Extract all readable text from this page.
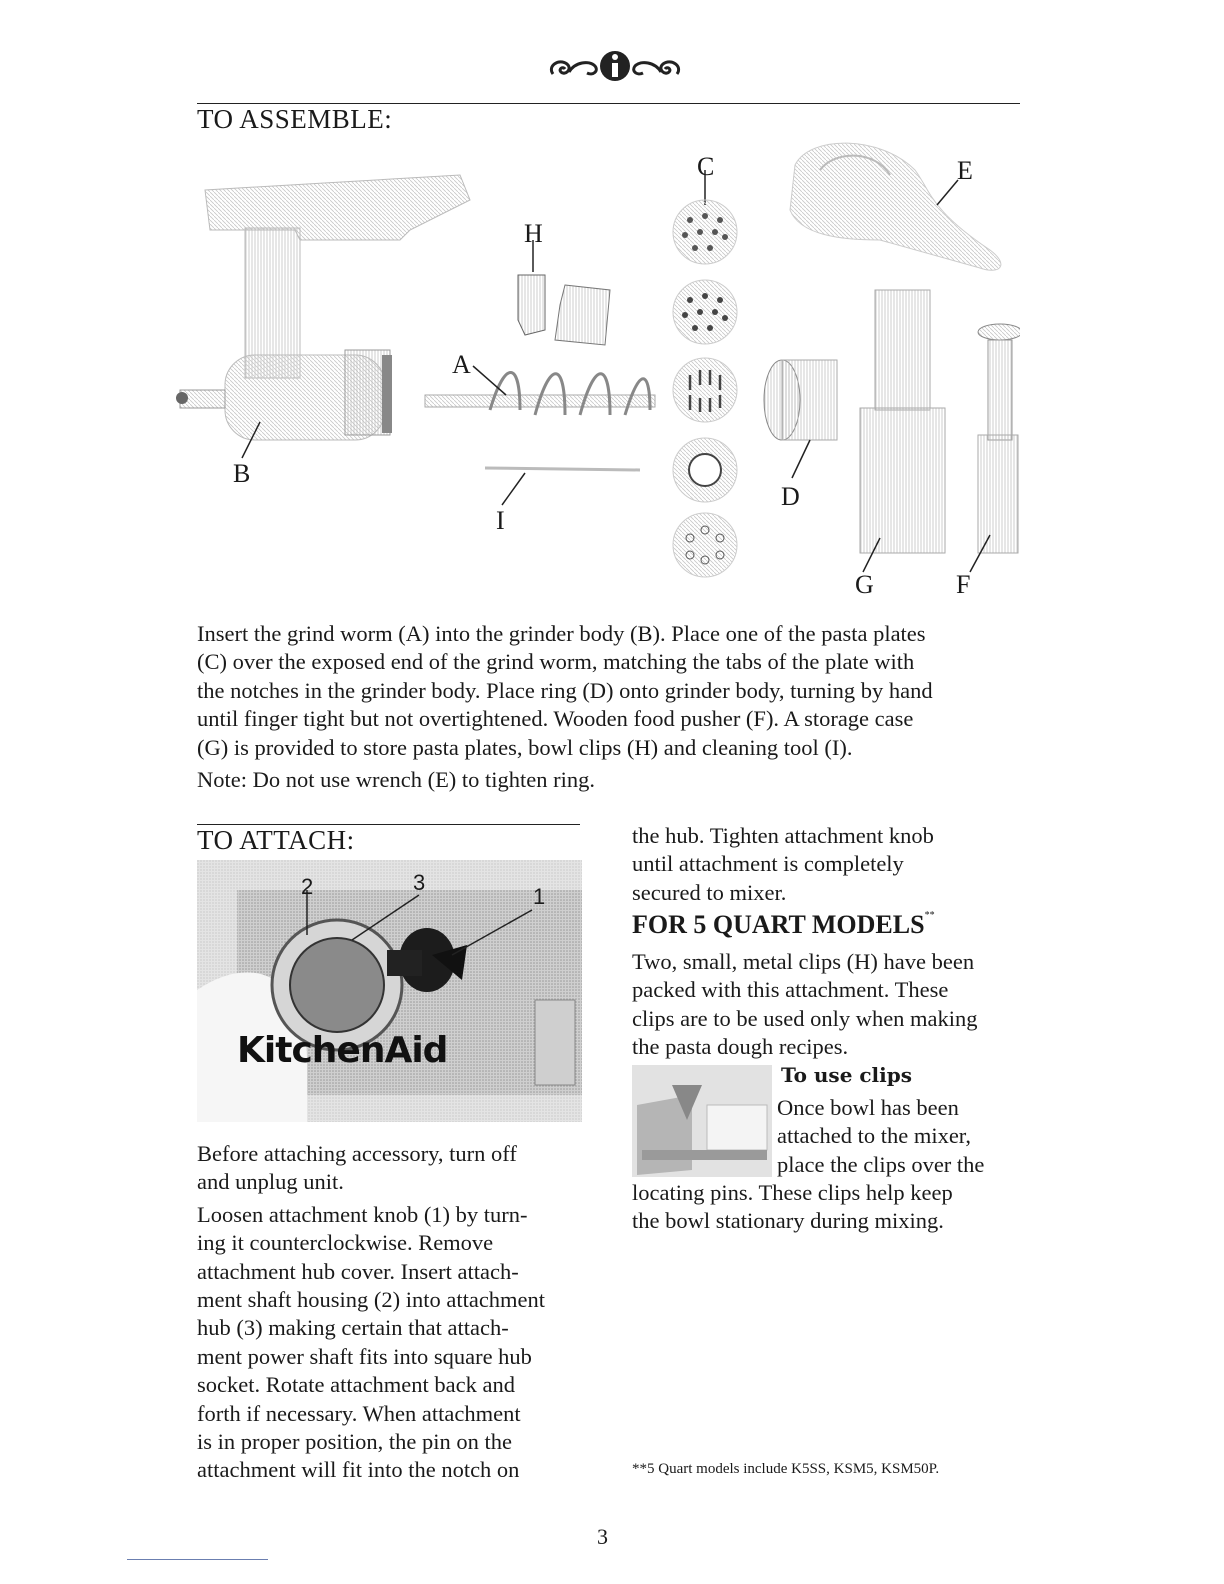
TO ASSEMBLE:
C	E
H
A
B
D
I
G	F

Insert the grind worm (A) into the grinder body (B). Place one of the pasta plates

(C) over the exposed end of the grind worm, matching the tabs of the plate with

the notches in the grinder body. Place ring (D) onto grinder body, turning by hand

until finger tight but not overtightened. Wooden food pusher (F). A storage case

(G) is provided to store pasta plates, bowl clips (H) and cleaning tool (I).

Note: Do not use wrench (E) to tighten ring.

TO ATTACH:
2	3
1
KitchenAid

Before attaching accessory, turn off

and unplug unit.

Loosen attachment knob (1) by turn-

ing it counterclockwise. Remove

attachment hub cover. Insert attach-

ment shaft housing (2) into attachment

hub (3) making certain that attach-

ment power shaft fits into square hub

socket. Rotate attachment back and

forth if necessary. When attachment

is in proper position, the pin on the

attachment will fit into the notch on

the hub. Tighten attachment knob

until attachment is completely

secured to mixer.

FOR 5 QUART MODELS**

Two, small, metal clips (H) have been

packed with this attachment. These

clips are to be used only when making

the pasta dough recipes.

To use clips

Once bowl has been

attached to the mixer,

place the clips over the

locating pins. These clips help keep

the bowl stationary during mixing.

**5 Quart models include K5SS, KSM5, KSM50P.
3
